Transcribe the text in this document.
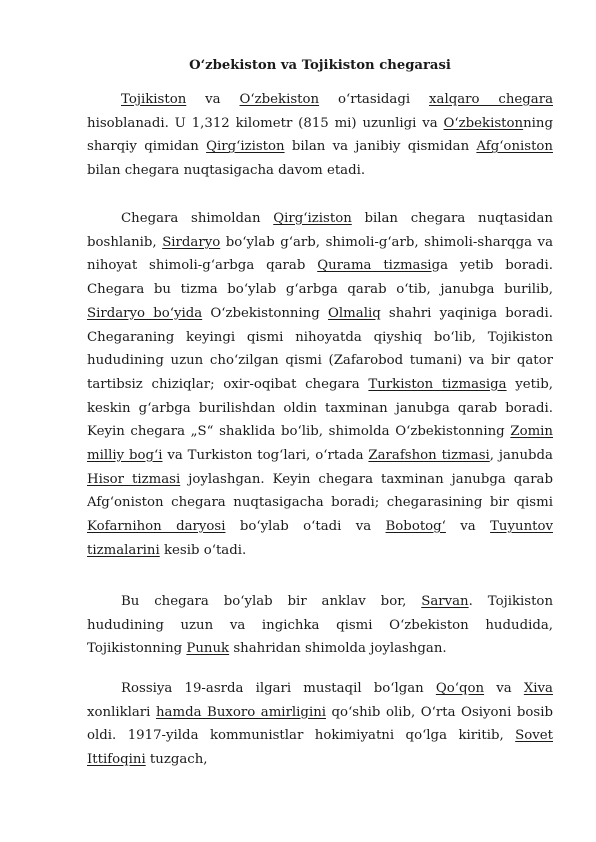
O‘zbekiston va Tojikiston chegarasi

Tojikiston va O‘zbekiston o‘rtasidagi xalqaro chegara hisoblanadi. U 1,312 kilometr (815 mi) uzunligi va O‘zbekistonning sharqiy qimidan Qirg‘iziston bilan va janibiy qismidan Afg‘oniston bilan chegara nuqtasigacha davom etadi.

Chegara shimoldan Qirg‘iziston bilan chegara nuqtasidan boshlanib, Sirdaryo bo‘ylab g‘arb, shimoli-g‘arb, shimoli-sharqga va nihoyat shimoli-g‘arbga qarab Qurama tizmasiga yetib boradi. Chegara bu tizma bo‘ylab g‘arbga qarab o‘tib, janubga burilib, Sirdaryo bo‘yida O‘zbekistonning Olmaliq shahri yaqiniga boradi. Chegaraning keyingi qismi nihoyatda qiyshiq bo‘lib, Tojikiston hududining uzun cho‘zilgan qismi (Zafarobod tumani) va bir qator tartibsiz chiziqlar; oxir-oqibat chegara Turkiston tizmasiga yetib, keskin g‘arbga burilishdan oldin taxminan janubga qarab boradi. Keyin chegara „S“ shaklida bo‘lib, shimolda O‘zbekistonning Zomin milliy bog‘i va Turkiston tog‘lari, o‘rtada Zarafshon tizmasi, janubda Hisor tizmasi joylashgan. Keyin chegara taxminan janubga qarab Afg‘oniston chegara nuqtasigacha boradi; chegarasining bir qismi Kofarnihon daryosi bo‘ylab o‘tadi va Bobotog‘ va Tuyuntov tizmalarini kesib o‘tadi.

Bu chegara bo‘ylab bir anklav bor, Sarvan. Tojikiston hududining uzun va ingichka qismi O‘zbekiston hududida, Tojikistonning Punuk shahridan shimolda joylashgan.

Rossiya 19-asrda ilgari mustaqil bo‘lgan Qo‘qon va Xiva xonliklari hamda Buxoro amirligini qo‘shib olib, O‘rta Osiyoni bosib oldi. 1917-yilda kommunistlar hokimiyatni qo‘lga kiritib, Sovet Ittifoqini tuzgach,
